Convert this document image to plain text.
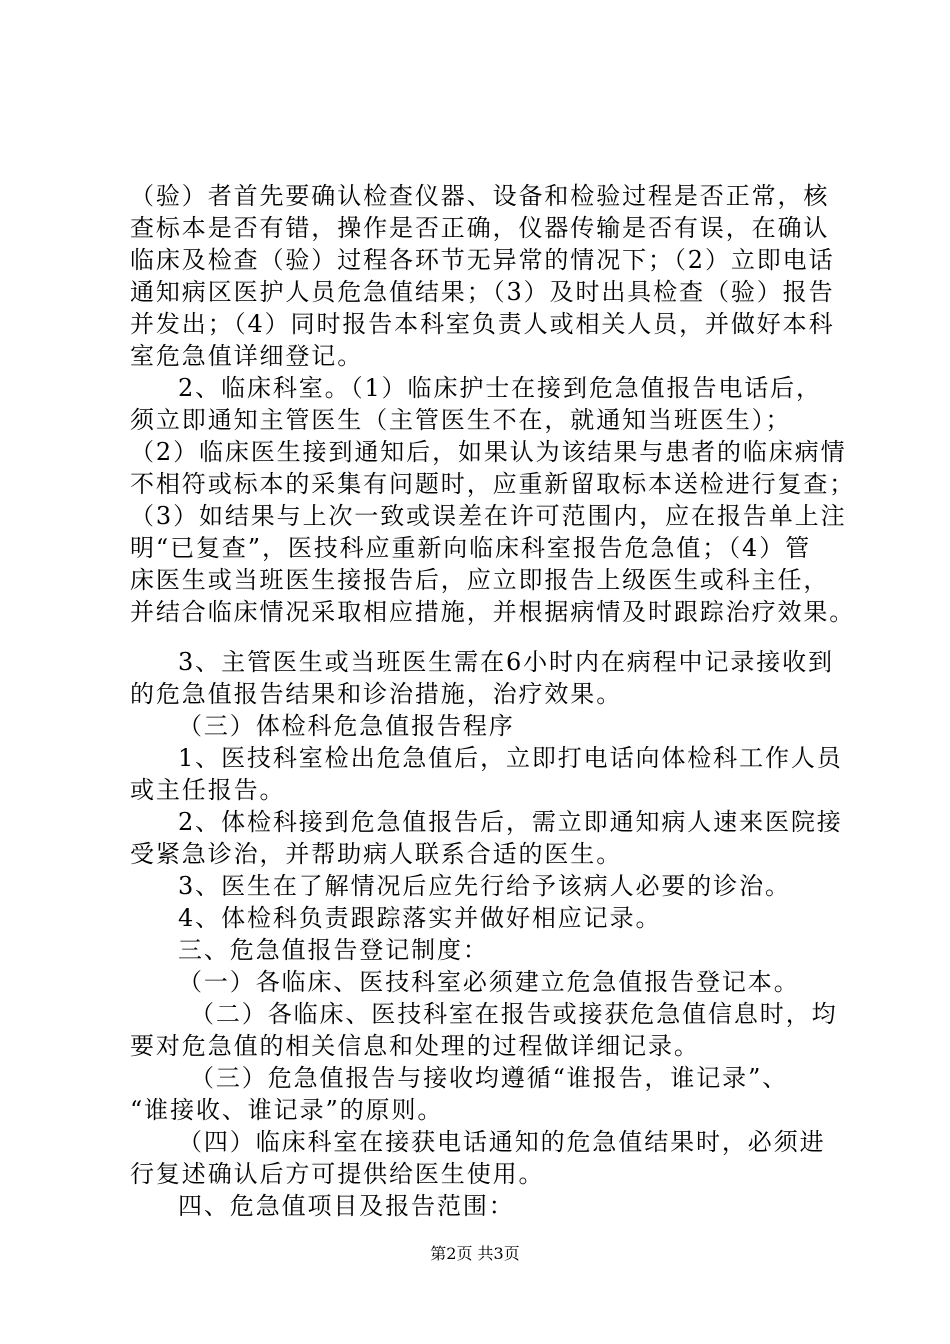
（验）者首先要确认检查仪器、设备和检验过程是否正常，核
查标本是否有错，操作是否正确，仪器传输是否有误，在确认
临床及检查（验）过程各环节无异常的情况下；（2）立即电话
通知病区医护人员危急值结果；（3）及时出具检查（验）报告
并发出；（4）同时报告本科室负责人或相关人员，并做好本科
室危急值详细登记。
2、临床科室。（1）临床护士在接到危急值报告电话后，
须立即通知主管医生（主管医生不在，就通知当班医生）；
（2）临床医生接到通知后，如果认为该结果与患者的临床病情
不相符或标本的采集有问题时，应重新留取标本送检进行复查；
（3）如结果与上次一致或误差在许可范围内，应在报告单上注
明“已复查”，医技科应重新向临床科室报告危急值；（4）管
床医生或当班医生接报告后，应立即报告上级医生或科主任，
并结合临床情况采取相应措施，并根据病情及时跟踪治疗效果。
3、主管医生或当班医生需在6小时内在病程中记录接收到
的危急值报告结果和诊治措施，治疗效果。
（三）体检科危急值报告程序
1、医技科室检出危急值后，立即打电话向体检科工作人员
或主任报告。
2、体检科接到危急值报告后，需立即通知病人速来医院接
受紧急诊治，并帮助病人联系合适的医生。
3、医生在了解情况后应先行给予该病人必要的诊治。
4、体检科负责跟踪落实并做好相应记录。
三、危急值报告登记制度：
（一）各临床、医技科室必须建立危急值报告登记本。
（二）各临床、医技科室在报告或接获危急值信息时，均
要对危急值的相关信息和处理的过程做详细记录。
（三）危急值报告与接收均遵循“谁报告，谁记录”、
“谁接收、谁记录”的原则。
（四）临床科室在接获电话通知的危急值结果时，必须进
行复述确认后方可提供给医生使用。
四、危急值项目及报告范围：
第2页 共3页
